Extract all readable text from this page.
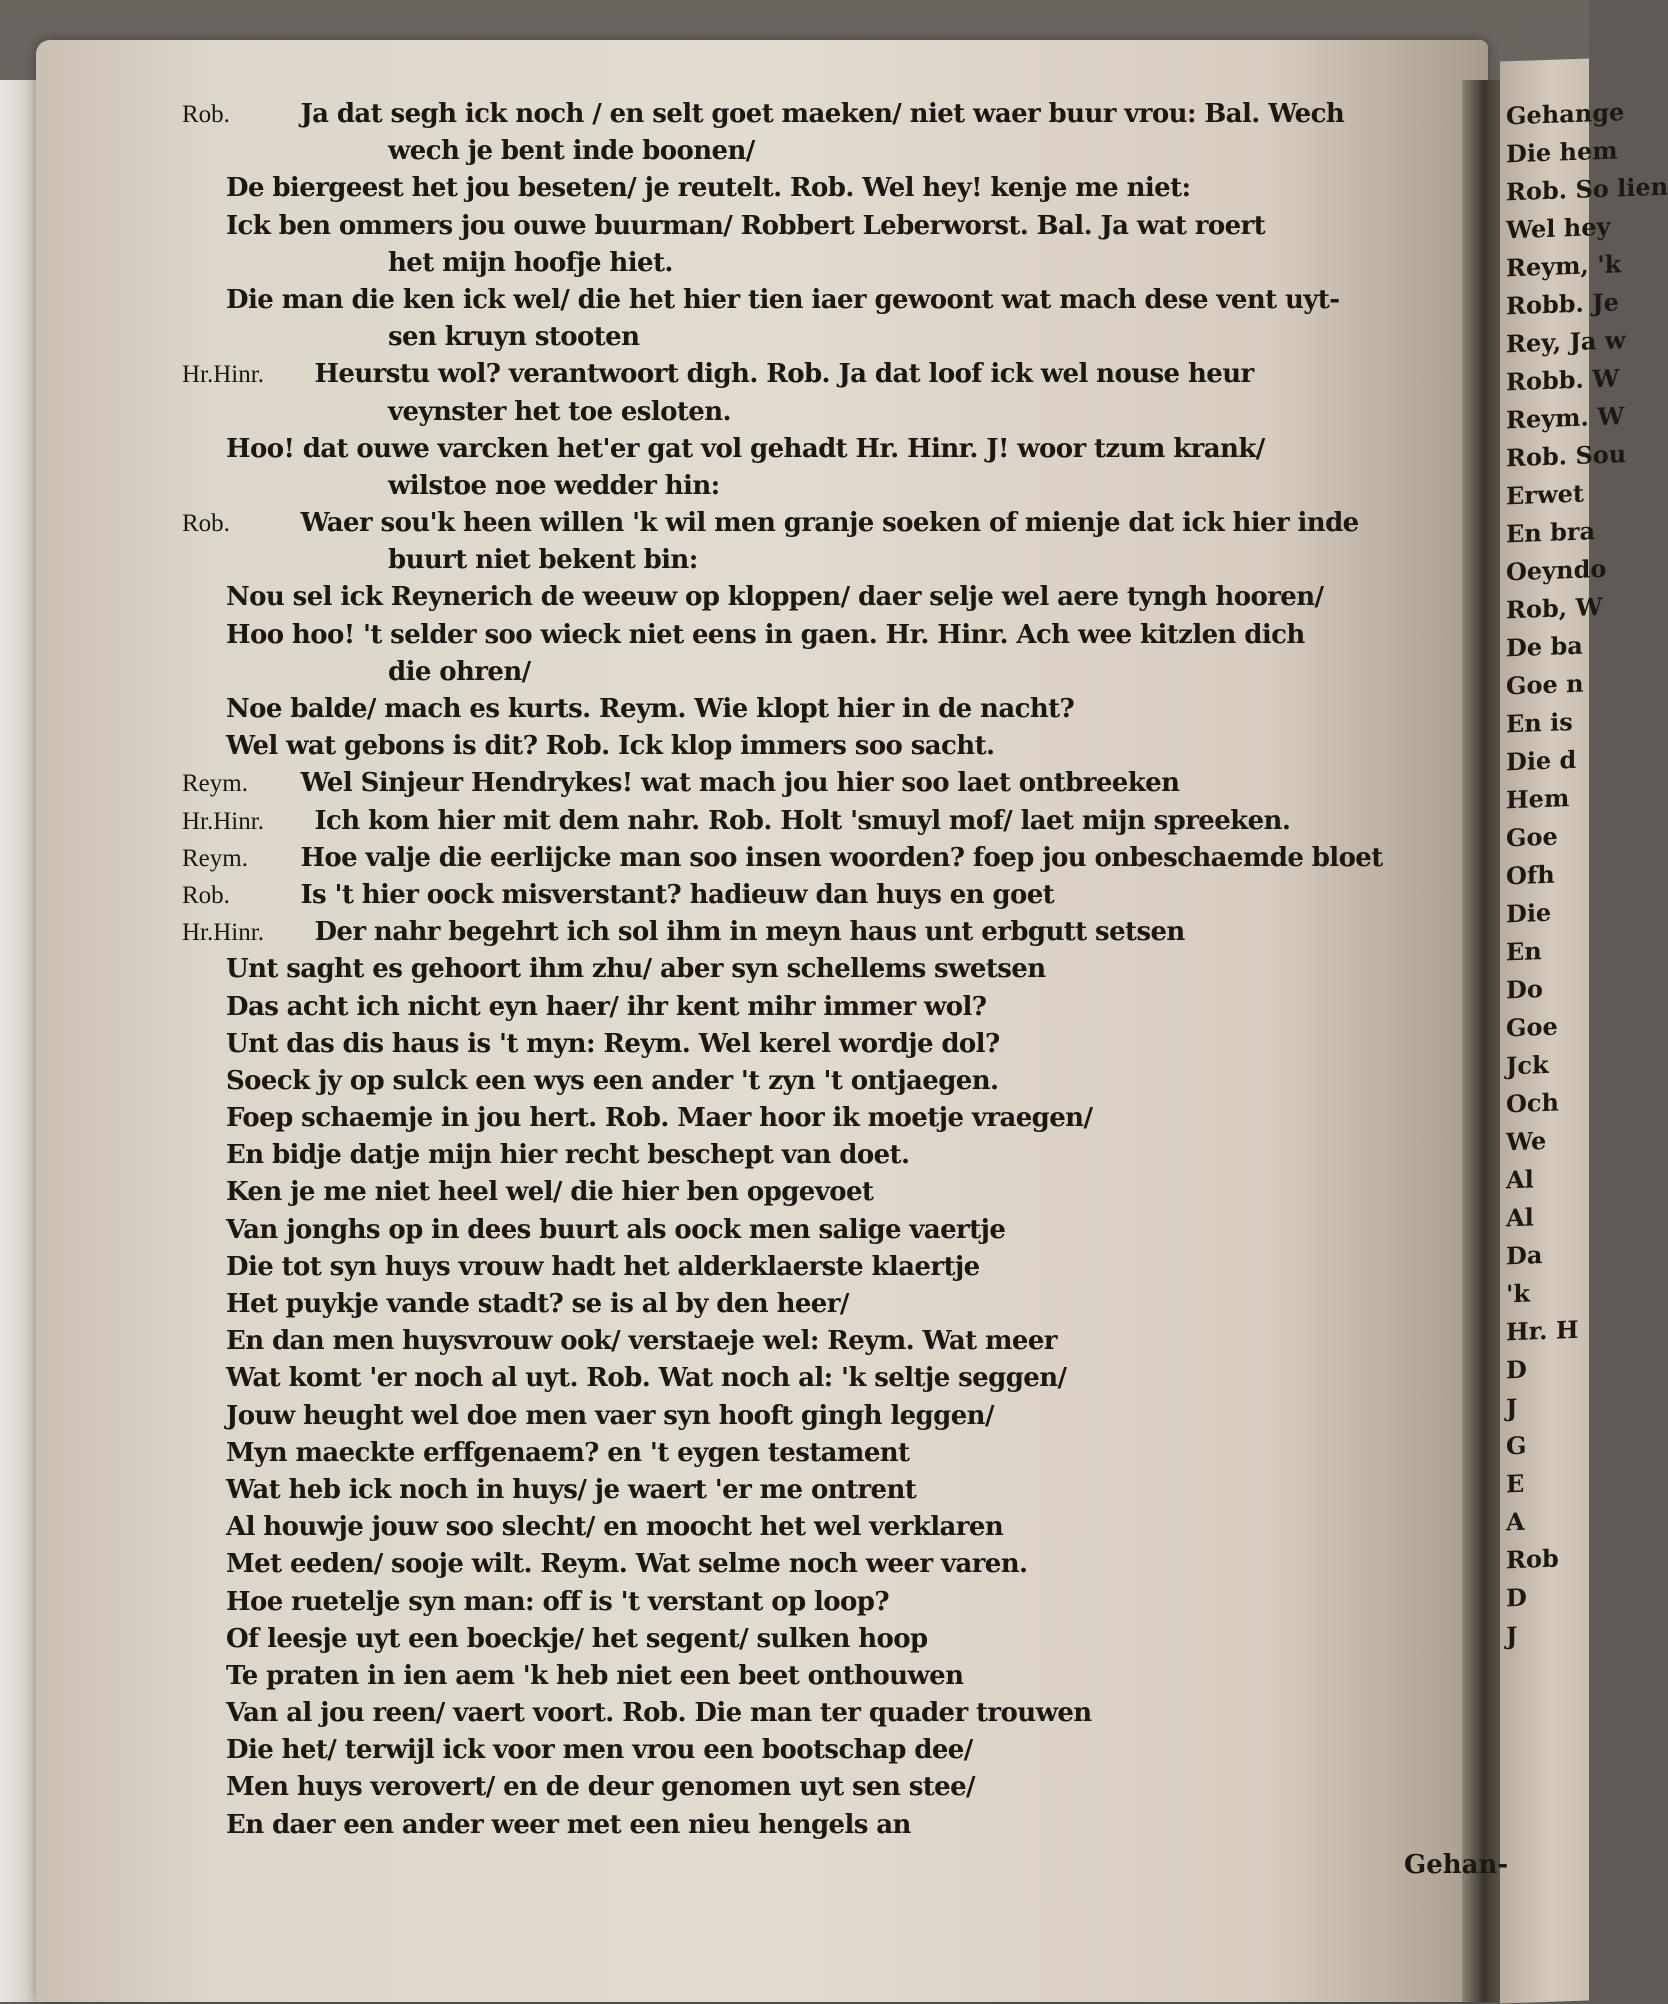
Gehange
Die hem
Rob. So lien
Wel hey
Reym, 'k
Robb. Je
Rey, Ja w
Robb. W
Reym. W
Rob. Sou
Erwet
En bra
Oeyndo
Rob, W
De ba
Goe n
En is
Die d
Hem
Goe
Ofh
Die
En
Do
Goe
Jck
Och
We
Al
Al
Da
'k
Hr. H
D
J
G
E
A
Rob
D
J
Rob.	Ja dat segh ick noch / en selt goet maeken/ niet waer buur vrou: Bal. Wech
wech je bent inde boonen/
De biergeest het jou beseten/ je reutelt. Rob. Wel hey! kenje me niet:
Ick ben ommers jou ouwe buurman/ Robbert Leberworst. Bal. Ja wat roert
het mijn hoofje hiet.
Die man die ken ick wel/ die het hier tien iaer gewoont wat mach dese vent uyt-
sen kruyn stooten
Hr.Hinr. Heurstu wol? verantwoort digh. Rob. Ja dat loof ick wel nouse heur
veynster het toe esloten.
Hoo! dat ouwe varcken het'er gat vol gehadt Hr. Hinr. J! woor tzum krank/
wilstoe noe wedder hin:
Rob.	Waer sou'k heen willen 'k wil men granje soeken of mienje dat ick hier inde
buurt niet bekent bin:
Nou sel ick Reynerich de weeuw op kloppen/ daer selje wel aere tyngh hooren/
Hoo hoo! 't selder soo wieck niet eens in gaen. Hr. Hinr. Ach wee kitzlen dich
die ohren/
Noe balde/ mach es kurts. Reym. Wie klopt hier in de nacht?
Wel wat gebons is dit? Rob. Ick klop immers soo sacht.
Reym. Wel Sinjeur Hendrykes! wat mach jou hier soo laet ontbreeken
Hr.Hinr. Ich kom hier mit dem nahr. Rob. Holt 'smuyl mof/ laet mijn spreeken.
Reym. Hoe valje die eerlijcke man soo insen woorden? foep jou onbeschaemde bloet
Rob.	Is 't hier oock misverstant? hadieuw dan huys en goet
Hr.Hinr. Der nahr begehrt ich sol ihm in meyn haus unt erbgutt setsen
Unt saght es gehoort ihm zhu/ aber syn schellems swetsen
Das acht ich nicht eyn haer/ ihr kent mihr immer wol?
Unt das dis haus is 't myn: Reym. Wel kerel wordje dol?
Soeck jy op sulck een wys een ander 't zyn 't ontjaegen.
Foep schaemje in jou hert. Rob. Maer hoor ik moetje vraegen/
En bidje datje mijn hier recht beschept van doet.
Ken je me niet heel wel/ die hier ben opgevoet
Van jonghs op in dees buurt als oock men salige vaertje
Die tot syn huys vrouw hadt het alderklaerste klaertje
Het puykje vande stadt? se is al by den heer/
En dan men huysvrouw ook/ verstaeje wel: Reym. Wat meer
Wat komt 'er noch al uyt. Rob. Wat noch al: 'k seltje seggen/
Jouw heught wel doe men vaer syn hooft gingh leggen/
Myn maeckte erffgenaem? en 't eygen testament
Wat heb ick noch in huys/ je waert 'er me ontrent
Al houwje jouw soo slecht/ en moocht het wel verklaren
Met eeden/ sooje wilt. Reym. Wat selme noch weer varen.
Hoe ruetelje syn man: off is 't verstant op loop?
Of leesje uyt een boeckje/ het segent/ sulken hoop
Te praten in ien aem 'k heb niet een beet onthouwen
Van al jou reen/ vaert voort. Rob. Die man ter quader trouwen
Die het/ terwijl ick voor men vrou een bootschap dee/
Men huys verovert/ en de deur genomen uyt sen stee/
En daer een ander weer met een nieu hengels an
Gehan-
